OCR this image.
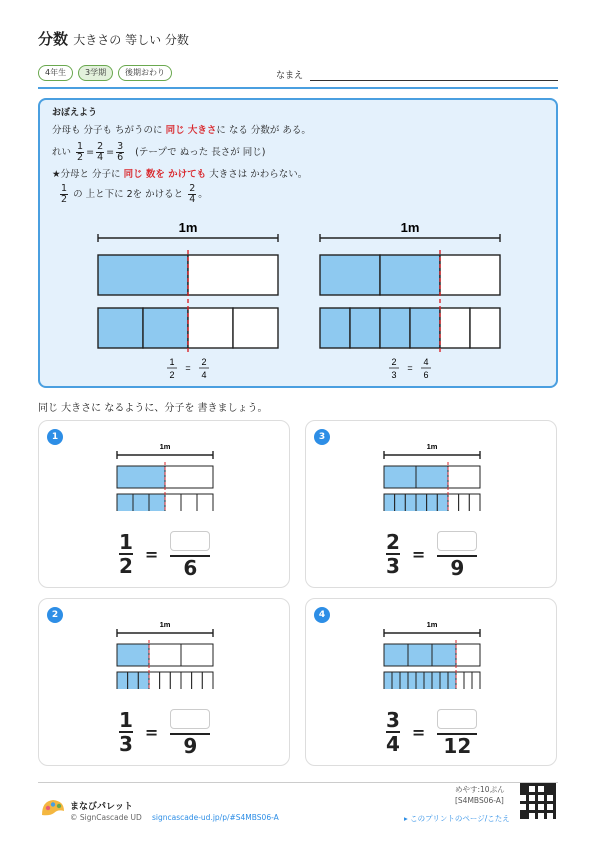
分数 大きさの 等しい 分数
4年生	3学期	後期おわり	なまえ
おぼえよう
分母も 分子も ちがうのに 同じ 大きさに なる 分数が ある。
れい $\frac{1}{2} = \frac{2}{4} = \frac{3}{6}$ (テープで ぬった 長さが 同じ)
★分母と 分子に 同じ 数を かけても 大きさは かわらない。
$\frac{1}{2}$ の 上と下に 2を かけると $\frac{2}{4}$ 。
1m
1
2
=
2
4
1m
2
3
=
4
6
同じ 大きさに なるように、分子を 書きましょう。
1
1m
$\frac{1}{2}$ =
6
3
1m
$\frac{2}{3}$ =
9
2
1m
$\frac{1}{3}$ =
9
4
1m
$\frac{3}{4}$ =
12
まなびパレット
© SignCascade UD signcascade-ud.jp/p/#S4MBS06-A
めやす:10ぷん
[S4MBS06-A]
▸ このプリントのページ/こたえ
